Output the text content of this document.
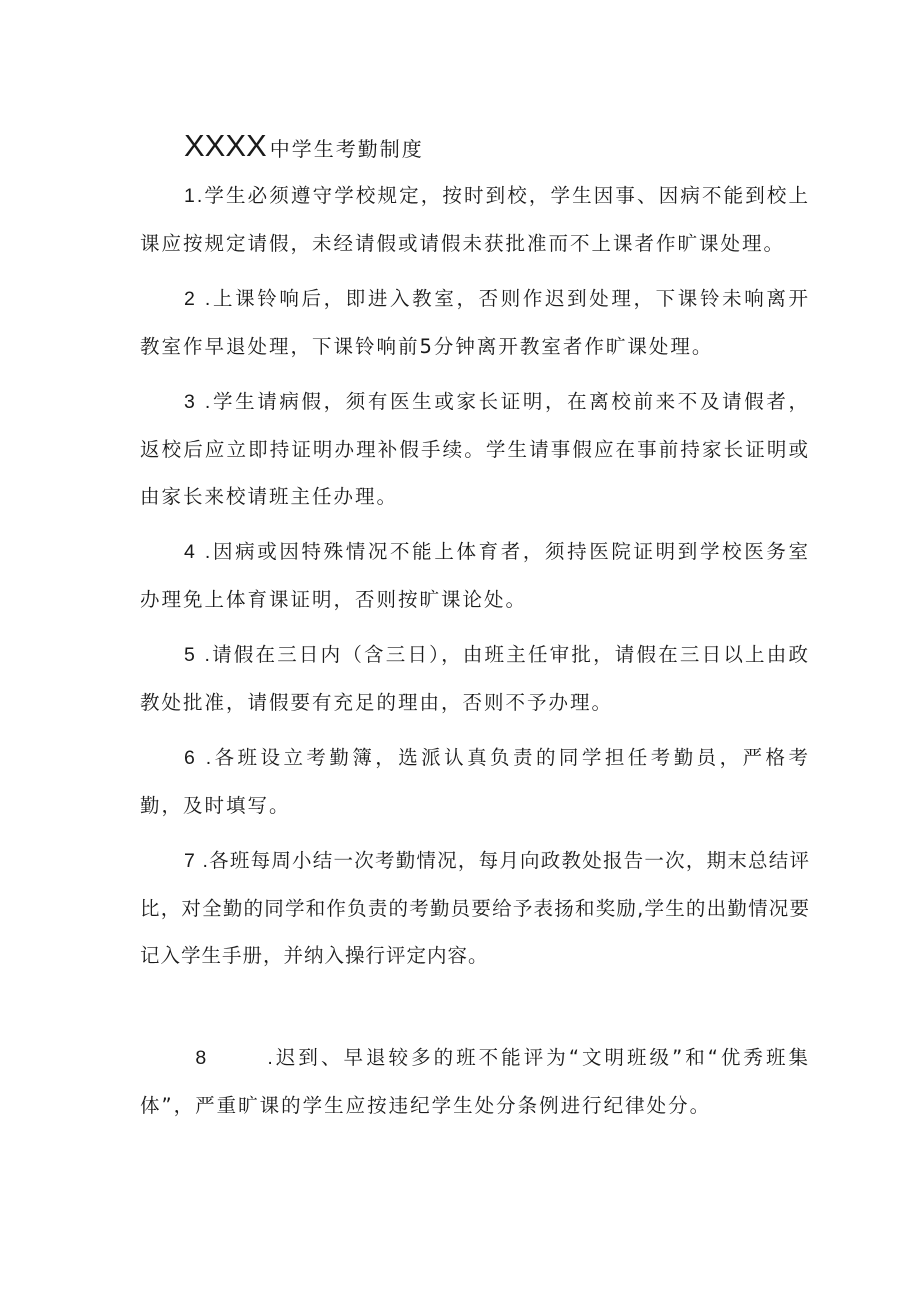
XXXX 中学生考勤制度

1.学生必须遵守学校规定，按时到校，学生因事、因病不能到校上课应按规定请假，未经请假或请假未获批准而不上课者作旷课处理。

2 .上课铃响后，即进入教室，否则作迟到处理，下课铃未响离开教室作早退处理，下课铃响前5分钟离开教室者作旷课处理。

3 .学生请病假，须有医生或家长证明，在离校前来不及请假者，返校后应立即持证明办理补假手续。学生请事假应在事前持家长证明或由家长来校请班主任办理。

4 .因病或因特殊情况不能上体育者，须持医院证明到学校医务室办理免上体育课证明，否则按旷课论处。

5 .请假在三日内（含三日），由班主任审批，请假在三日以上由政教处批准，请假要有充足的理由，否则不予办理。

6 .各班设立考勤簿，选派认真负责的同学担任考勤员，严格考勤，及时填写。

7 .各班每周小结一次考勤情况，每月向政教处报告一次，期末总结评比，对全勤的同学和作负责的考勤员要给予表扬和奖励,学生的出勤情况要记入学生手册，并纳入操行评定内容。

8       .迟到、早退较多的班不能评为“文明班级”和“优秀班集体”，严重旷课的学生应按违纪学生处分条例进行纪律处分。
